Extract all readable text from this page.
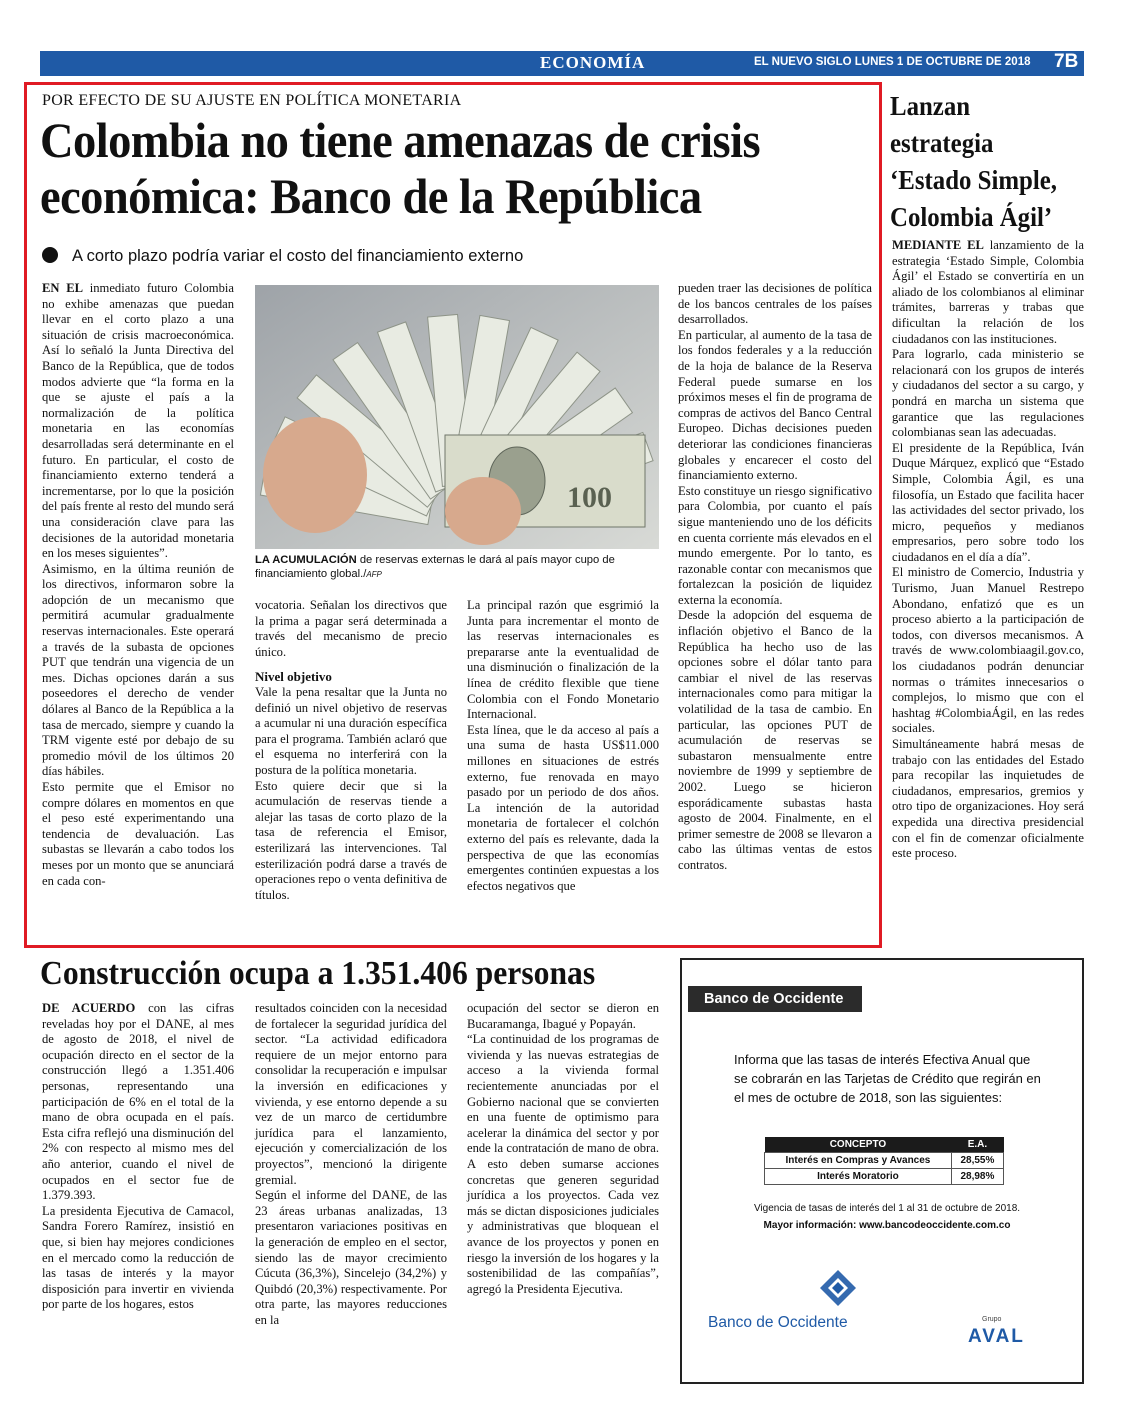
ECONOMÍA	EL NUEVO SIGLO LUNES 1 DE OCTUBRE DE 2018 7B
POR EFECTO DE SU AJUSTE EN POLÍTICA MONETARIA
Colombia no tiene amenazas de crisis económica: Banco de la República
A corto plazo podría variar el costo del financiamiento externo
EN EL inmediato futuro Colombia no exhibe amenazas que puedan llevar en el corto plazo a una situación de crisis macroeconómica. Así lo señaló la Junta Directiva del Banco de la República, que de todos modos advierte que “la forma en la que se ajuste el país a la normalización de la política monetaria en las economías desarrolladas será determinante en el futuro. En particular, el costo de financiamiento externo tenderá a incrementarse, por lo que la posición del país frente al resto del mundo será una consideración clave para las decisiones de la autoridad monetaria en los meses siguientes”.
Asimismo, en la última reunión de los directivos, informaron sobre la adopción de un mecanismo que permitirá acumular gradualmente reservas internacionales. Este operará a través de la subasta de opciones PUT que tendrán una vigencia de un mes. Dichas opciones darán a sus poseedores el derecho de vender dólares al Banco de la República a la tasa de mercado, siempre y cuando la TRM vigente esté por debajo de su promedio móvil de los últimos 20 días hábiles.
Esto permite que el Emisor no compre dólares en momentos en que el peso esté experimentando una tendencia de devaluación. Las subastas se llevarán a cabo todos los meses por un monto que se anunciará en cada con-
100
LA ACUMULACIÓN de reservas externas le dará al país mayor cupo de financiamiento global./AFP
vocatoria. Señalan los directivos que la prima a pagar será determinada a través del mecanismo de precio único.
Nivel objetivo
Vale la pena resaltar que la Junta no definió un nivel objetivo de reservas a acumular ni una duración específica para el programa. También aclaró que el esquema no interferirá con la postura de la política monetaria.
Esto quiere decir que si la acumulación de reservas tiende a alejar las tasas de corto plazo de la tasa de referencia el Emisor, esterilizará las intervenciones. Tal esterilización podrá darse a través de operaciones repo o venta definitiva de títulos.
La principal razón que esgrimió la Junta para incrementar el monto de las reservas internacionales es prepararse ante la eventualidad de una disminución o finalización de la línea de crédito flexible que tiene Colombia con el Fondo Monetario Internacional.
Esta línea, que le da acceso al país a una suma de hasta US$11.000 millones en situaciones de estrés externo, fue renovada en mayo pasado por un periodo de dos años. La intención de la autoridad monetaria de fortalecer el colchón externo del país es relevante, dada la perspectiva de que las economías emergentes continúen expuestas a los efectos negativos que
pueden traer las decisiones de política de los bancos centrales de los países desarrollados.
En particular, al aumento de la tasa de los fondos federales y a la reducción de la hoja de balance de la Reserva Federal puede sumarse en los próximos meses el fin de programa de compras de activos del Banco Central Europeo. Dichas decisiones pueden deteriorar las condiciones financieras globales y encarecer el costo del financiamiento externo.
Esto constituye un riesgo significativo para Colombia, por cuanto el país sigue manteniendo uno de los déficits en cuenta corriente más elevados en el mundo emergente. Por lo tanto, es razonable contar con mecanismos que fortalezcan la posición de liquidez externa la economía.
Desde la adopción del esquema de inflación objetivo el Banco de la República ha hecho uso de las opciones sobre el dólar tanto para cambiar el nivel de las reservas internacionales como para mitigar la volatilidad de la tasa de cambio. En particular, las opciones PUT de acumulación de reservas se subastaron mensualmente entre noviembre de 1999 y septiembre de 2002. Luego se hicieron esporádicamente subastas hasta agosto de 2004. Finalmente, en el primer semestre de 2008 se llevaron a cabo las últimas ventas de estos contratos.
Lanzan estrategia ‘Estado Simple, Colombia Ágil’
MEDIANTE EL lanzamiento de la estrategia ‘Estado Simple, Colombia Ágil’ el Estado se convertiría en un aliado de los colombianos al eliminar trámites, barreras y trabas que dificultan la relación de los ciudadanos con las instituciones.
Para lograrlo, cada ministerio se relacionará con los grupos de interés y ciudadanos del sector a su cargo, y pondrá en marcha un sistema que garantice que las regulaciones colombianas sean las adecuadas.
El presidente de la República, Iván Duque Márquez, explicó que “Estado Simple, Colombia Ágil, es una filosofía, un Estado que facilita hacer las actividades del sector privado, los micro, pequeños y medianos empresarios, pero sobre todo los ciudadanos en el día a día”.
El ministro de Comercio, Industria y Turismo, Juan Manuel Restrepo Abondano, enfatizó que es un proceso abierto a la participación de todos, con diversos mecanismos. A través de www.colombiaagil.gov.co, los ciudadanos podrán denunciar normas o trámites innecesarios o complejos, lo mismo que con el hashtag #ColombiaÁgil, en las redes sociales.
Simultáneamente habrá mesas de trabajo con las entidades del Estado para recopilar las inquietudes de ciudadanos, empresarios, gremios y otro tipo de organizaciones. Hoy será expedida una directiva presidencial con el fin de comenzar oficialmente este proceso.
Construcción ocupa a 1.351.406 personas
DE ACUERDO con las cifras reveladas hoy por el DANE, al mes de agosto de 2018, el nivel de ocupación directo en el sector de la construcción llegó a 1.351.406 personas, representando una participación de 6% en el total de la mano de obra ocupada en el país. Esta cifra reflejó una disminución del 2% con respecto al mismo mes del año anterior, cuando el nivel de ocupados en el sector fue de 1.379.393.
La presidenta Ejecutiva de Camacol, Sandra Forero Ramírez, insistió en que, si bien hay mejores condiciones en el mercado como la reducción de las tasas de interés y la mayor disposición para invertir en vivienda por parte de los hogares, estos
resultados coinciden con la necesidad de fortalecer la seguridad jurídica del sector. “La actividad edificadora requiere de un mejor entorno para consolidar la recuperación e impulsar la inversión en edificaciones y vivienda, y ese entorno depende a su vez de un marco de certidumbre jurídica para el lanzamiento, ejecución y comercialización de los proyectos”, mencionó la dirigente gremial.
Según el informe del DANE, de las 23 áreas urbanas analizadas, 13 presentaron variaciones positivas en la generación de empleo en el sector, siendo las de mayor crecimiento Cúcuta (36,3%), Sincelejo (34,2%) y Quibdó (20,3%) respectivamente. Por otra parte, las mayores reducciones en la
ocupación del sector se dieron en Bucaramanga, Ibagué y Popayán.
“La continuidad de los programas de vivienda y las nuevas estrategias de acceso a la vivienda formal recientemente anunciadas por el Gobierno nacional que se convierten en una fuente de optimismo para acelerar la dinámica del sector y por ende la contratación de mano de obra. A esto deben sumarse acciones concretas que generen seguridad jurídica a los proyectos. Cada vez más se dictan disposiciones judiciales y administrativas que bloquean el avance de los proyectos y ponen en riesgo la inversión de los hogares y la sostenibilidad de las compañías”, agregó la Presidenta Ejecutiva.
Banco de Occidente
Informa que las tasas de interés Efectiva Anual que se cobrarán en las Tarjetas de Crédito que regirán en el mes de octubre de 2018, son las siguientes:
CONCEPTO	E.A.
Interés en Compras y Avances	28,55%
Interés Moratorio	28,98%
Vigencia de tasas de interés del 1 al 31 de octubre de 2018.
Mayor información: www.bancodeoccidente.com.co
Banco de Occidente	Grupo
AVAL
